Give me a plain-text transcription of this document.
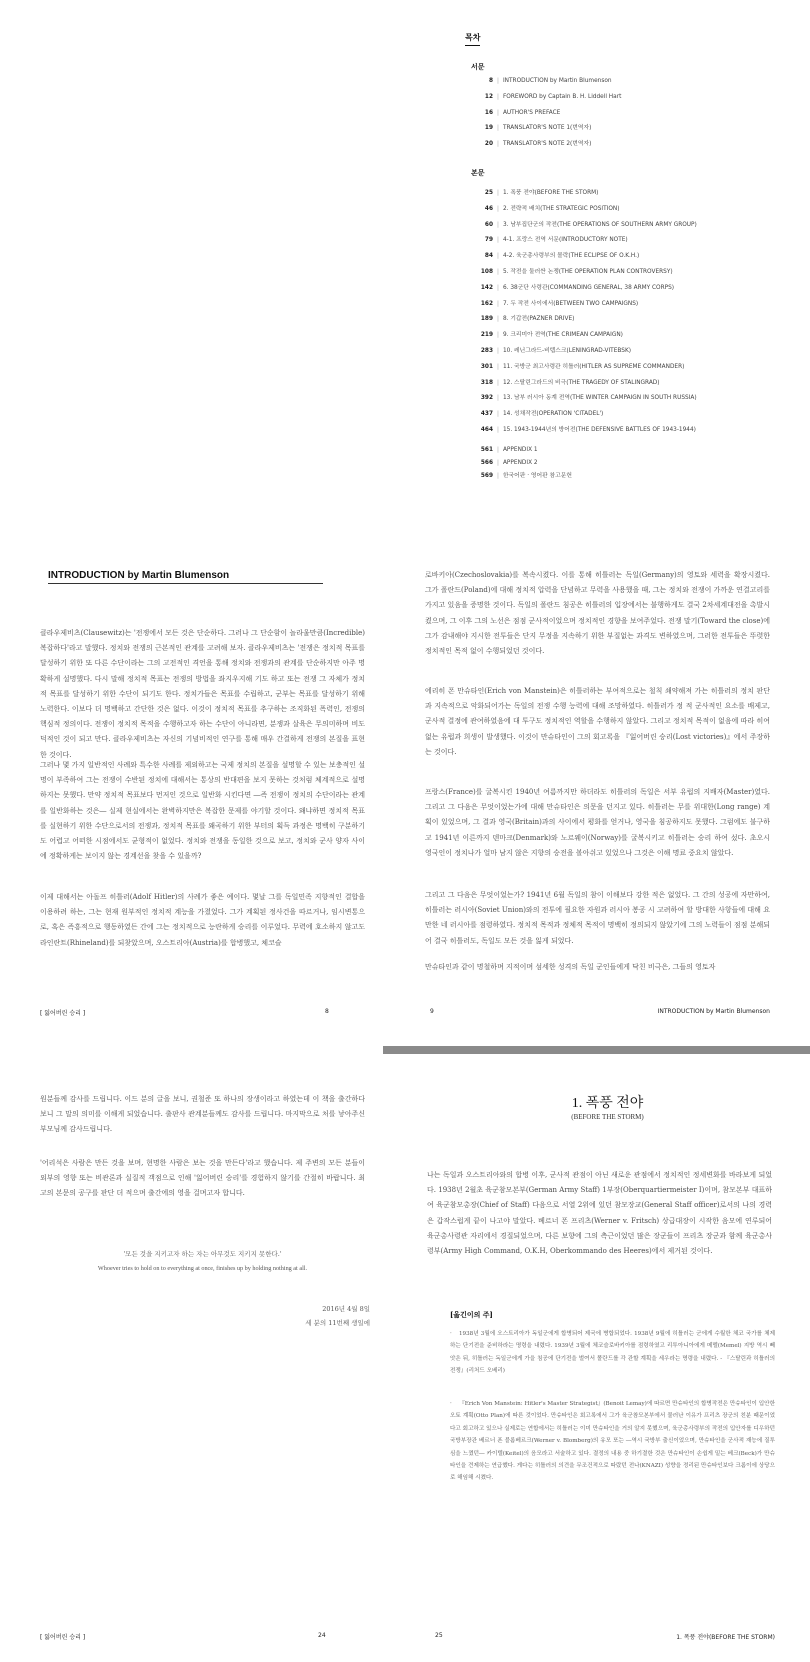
목차
서문
8 | INTRODUCTION by Martin Blumenson
12 | FOREWORD by Captain B. H. Liddell Hart
16 | AUTHOR'S PREFACE
19 | TRANSLATOR'S NOTE 1(번역자)
20 | TRANSLATOR'S NOTE 2(번역자)
본문
25 | 1. 폭풍 전야(BEFORE THE STORM)
46 | 2. 전략적 배치(THE STRATEGIC POSITION)
60 | 3. 남부집단군의 작전(THE OPERATIONS OF SOUTHERN ARMY GROUP)
79 | 4-1. 프랑스 전역 서문(INTRODUCTORY NOTE)
84 | 4-2. 육군총사령부의 몰락(THE ECLIPSE OF O.K.H.)
108 | 5. 작전을 둘러싼 논쟁(THE OPERATION PLAN CONTROVERSY)
142 | 6. 38군단 사령관(COMMANDING GENERAL, 38 ARMY CORPS)
162 | 7. 두 작전 사이에서(BETWEEN TWO CAMPAIGNS)
189 | 8. 기갑전(PAZNER DRIVE)
219 | 9. 크리미아 전역(THE CRIMEAN CAMPAIGN)
283 | 10. 레닌그라드-비텝스크(LENINGRAD-VITEBSK)
301 | 11. 국방군 최고사령관 히틀러(HITLER AS SUPREME COMMANDER)
318 | 12. 스탈린그라드의 비극(THE TRAGEDY OF STALINGRAD)
392 | 13. 남부 러시아 동계 전역(THE WINTER CAMPAIGN IN SOUTH RUSSIA)
437 | 14. 성채작전(OPERATION 'CITADEL')
464 | 15. 1943-1944년의 방어전(THE DEFENSIVE BATTLES OF 1943-1944)
561 | APPENDIX 1
566 | APPENDIX 2
569 | 한국어판 · 영어판 참고문헌
INTRODUCTION by Martin Blumenson
클라우제비츠(Clausewitz)는 '전쟁에서 모든 것은 단순하다. 그러나 그 단순함이 놀라울만큼(Incredible) 복잡하다'라고 말했다. 정치와 전쟁의 근본적인 관계를 고려해 보자. 클라우제비츠는 '전쟁은 정치적 목표를 달성하기 위한 또 다른 수단이라는 그의 고전적인 격언을 통해 정치와 전쟁과의 관계를 단순하지만 아주 명확하게 설명했다. 다시 말해 정치적 목표는 전쟁의 방법을 좌지우지해 기도 하고 또는 전쟁 그 자체가 정치적 목표를 달성하기 위한 수단이 되기도 한다. 정치가들은 목표를 수립하고, 군부는 목표를 달성하기 위해 노력한다. 이보다 더 명백하고 간단한 것은 없다. 이것이 정치적 목표를 추구하는 조직화된 폭력인, 전쟁의 핵심적 정의이다. 전쟁이 정치적 목적을 수행하고자 하는 수단이 아니라면, 분쟁과 살육은 무의미하며 비도덕적인 것이 되고 만다. 클라우제비츠는 자신의 기념비적인 연구를 통해 매우 간결하게 전쟁의 본질을 표현한 것이다.
그러나 몇 가지 일반적인 사례와 특수한 사례를 제외하고는 국제 정치의 본질을 설명할 수 있는 보충적인 설명이 부족하여 그는 전쟁이 수반된 정치에 대해서는 통상의 반대편을 보지 못하는 것처럼 체계적으로 설명하지는 못했다. 만약 정치적 목표보다 먼저인 것으로 일반화 시킨다면 ―즉 전쟁이 정치의 수단이라는 관계를 일반화하는 것은― 실제 현실에서는 완벽하지만은 복잡한 문제를 야기할 것이다. 왜냐하면 정치적 목표를 실현하기 위한 수단으로서의 전쟁과, 정치적 목표를 왜곡하기 위한 부터의 획득 과정은 명백히 구분하기도 어렵고 어떠한 시점에서도 균형적이 없었다. 정치와 전쟁을 동일한 것으로 보고, 정치와 군사 양자 사이에 정확하게는 보이지 않는 경계선을 찾을 수 있을까?
이제 대해서는 아돌프 히틀러(Adolf Hitler)의 사례가 좋은 예이다. 몇날 그를 독일민족 지향적인 결합을 이용하려 하는, 그는 현재 원부적인 정치적 계능을 가졌었다. 그가 계획된 정사건을 따르거나, 임시변통으로, 혹은 즉흥적으로 행동하였든 간에 그는 정치적으로 능란하게 승리를 이루었다. 무력에 호소하지 않고도 라인란트(Rhineland)를 되찾았으며, 오스트리아(Austria)를 합병했고, 체코슬
[ 잃어버린 승리 ]	8
로바키아(Czechoslovakia)를 복속시켰다. 이를 통해 히틀러는 독일(Germany)의 영토와 세력을 확장시켰다. 그가 폴란드(Poland)에 대해 정치적 압력을 단념하고 무력을 사용했을 때, 그는 정치와 전쟁이 가까운 연결고리를 가지고 있음을 증명한 것이다. 독일의 폴란드 침공은 히틀러의 입장에서는 불행하게도 결국 2차세계대전을 촉발시켰으며, 그 이후 그의 노선은 점점 군사적이었으며 정치적인 경향을 보여주었다. 전쟁 말기(Toward the close)에 그가 감내해야 지시한 전투들은 단지 무정을 지속하기 위한 부질없는 과격도 변하였으며, 그러한 전투들은 뚜렷한 정치적인 목적 없이 수행되었던 것이다.
에리히 폰 만슈타인(Erich von Manstein)은 히틀러하는 부여적으로는 철칙 쇄약해져 가는 히틀러의 정치 판단과 지속적으로 악화되어가는 독일의 전쟁 수행 능력에 대해 조망하였다. 히틀러가 정 적 군사적인 요소를 배제고, 군사적 결정에 관여하였음에 대 투구도 정치적인 역할을 수행하지 않았다. 그리고 정치적 목적이 없음에 따라 히여 없는 유럽과 희생이 발생했다. 이것이 만슈타인이 그의 회고록을 『잃어버린 승리(Lost victories)』에서 주장하는 것이다.
프랑스(France)를 굴복시킨 1940년 여름까지만 하더라도 히틀러의 독일은 서부 유럽의 지배자(Master)였다. 그리고 그 다음은 무엇이었는가에 대해 만슈타인은 의문을 던지고 있다. 히틀러는 무를 위대한(Long range) 계획이 있었으며, 그 결과 영국(Britain)과의 사이에서 평화를 얻거나, 영국을 침공하지도 못했다. 그럼에도 불구하고 1941년 이른까지 덴마크(Denmark)와 노르웨이(Norway)를 굴복시키고 히틀러는 승리 하여 섰다. 초오시 영국인이 정치나가 얼마 남지 않은 지향의 승전을 볼아쉬고 있었으나 그것은 이해 명료 중요치 않았다.
그리고 그 다음은 무엇이었는가? 1941년 6월 독일의 참이 이해보다 강한 적은 없었다. 그 간의 성공에 자만하여, 히틀러는 러시아(Soviet Union)와의 전투에 필요한 자원과 러시아 봉공 시 고려하여 할 방대한 사항들에 대해 요만한 네 러시아를 점령하였다. 정치적 목적과 정체적 목적이 명백히 정의되지 않았기에 그의 노력들이 점점 분해되어 결국 히틀러도, 독일도 모든 것을 잃게 되었다.
만슈타인과 같이 명철하며 지적이며 섬세한 성격의 독일 군인들에게 닥친 비극은, 그들의 영토자
9	INTRODUCTION by Martin Blumenson
원분들께 감사를 드립니다. 이드 분의 글을 보니, 권철준 또 하나의 장생이라고 하였는데 이 책을 출간하다 보니 그 말의 의미를 이해게 되었습니다. 출판사 관계분들께도 감사를 드립니다. 마지막으로 처를 낳아주신 부모님께 감사드립니다.
'어리석은 사람은 만든 것을 보며, 현명한 사람은 보는 것을 만든다'라고 했습니다. 제 주변의 모든 분들이 외부의 영향 또는 비관론과 실질적 객점으로 인해 '잃어버린 승리'를 경험하지 않기를 간절히 바랍니다. 최고의 본문의 공구를 판단 더 적으며 출간에의 영을 걸며고자 합니다.
'모든 것을 지키고자 하는 자는 아무것도 지키지 못한다.'
Whoever tries to hold on to everything at once, finishes up by holding nothing at all.
2016년 4월 8일
세 분의 11번째 생일에
[ 잃어버린 승리 ]	24
1. 폭풍 전야
(BEFORE THE STORM)
나는 독일과 오스트리아와의 합병 이후, 군사적 관점이 아닌 새로운 관점에서 정치적인 정세변화를 바라보게 되었다. 1938년 2월초 육군참모본부(German Army Staff) 1부장(Oberquartiermeister I)이며, 참모본부 대표하여 육군참모총장(Chief of Staff) 다음으로 서열 2위에 있던 참모장교(General Staff officer)로서의 나의 경력은 갑작스럽게 끝이 나고야 말았다. 베르너 폰 프리츠(Werner v. Fritsch) 상급대장이 시작한 음모에 연루되어 육군총사령관 자리에서 경질되었으며, 다른 보향에 그의 측근이었던 많은 장군들이 프리츠 장군과 함께 육군총사령부(Army High Command, O.K.H, Oberkommando des Heeres)에서 제거된 것이다.
[옮긴이의 주]
· 1938년 3월에 오스트리아가 독일군에게 합병되어 제국에 병합되었다. 1938년 9월에 히틀러는 군에게 수월한 체코 국가를 체제하는 단기전을 준비하라는 명령을 내렸다. 1939년 3월에 체코슬로바키아를 점령하였고 리투아니아에게 메멜(Memel) 지방 역시 빼앗은 뒤, 히틀러는 독일군에게 가을 침공에 단기전을 벌여서 폴란드를 각 관할 계획을 세우라는 명령을 내렸다. - 『스탈린과 히틀러의 전쟁』(리처드 오베리)
· 『Erich Von Manstein: Hitler's Master Strategist』(Benoit Lemay)에 따르면 만슈타인의 합병작전은 만슈타인이 입안한 오토 계획(Otto Plan)에 따른 것이었다. 만슈타인은 회고록에서 그가 육군참모본부에서 물러난 이유가 프리츠 장군의 친분 때문이었다고 회고하고 있으나 실제로는 연합에서는 히틀러는 이미 만슈타인을 거의 알지 못했으며, 육군총사령부의 작전의 입안자를 디우하던 국방부장관 베르너 폰 블롬베르크(Werner v. Blomberg)의 유모 또는 ―역시 국방부 출신이었으며, 만슈타인을 군사적 재능에 질투심을 느꼈던― 카이텔(Keitel)의 음모라고 서술하고 있다. 결정의 내용 중 하기결한 것은 만슈타인이 손쉽게 밑는 베크(Beck)가 만슈타인을 견제하는 연급했다. 게다는 히틀러의 의견을 무조건적으로 따랐던 전나(KNAZI) 성향을 정리된 만슈타인보다 크롬이에 상당으로 해임해 시켰다.
25	1. 폭풍 전야(BEFORE THE STORM)
